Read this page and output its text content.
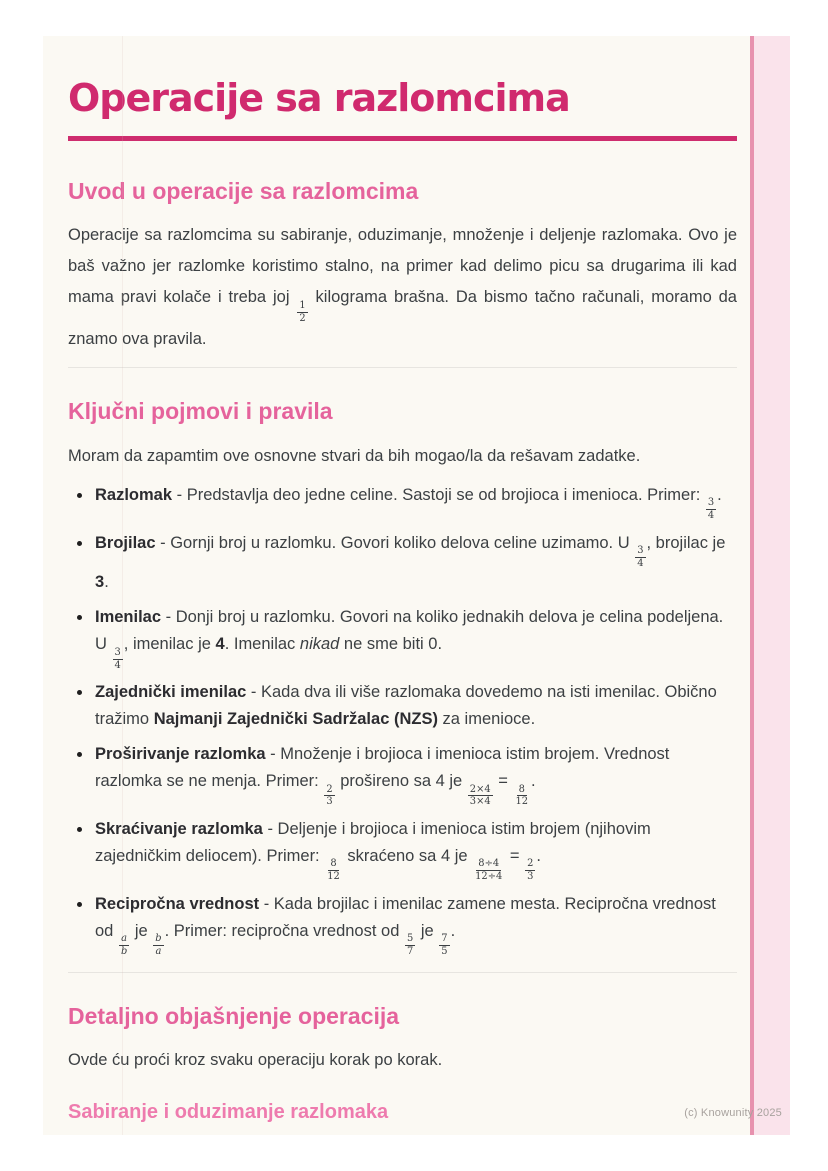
Operacije sa razlomcima
Uvod u operacije sa razlomcima

Operacije sa razlomcima su sabiranje, oduzimanje, množenje i deljenje razlomaka. Ovo je baš važno jer razlomke koristimo stalno, na primer kad delimo picu sa drugarima ili kad mama pravi kolače i treba joj
$\frac{1}{2}$
kilograma brašna. Da bismo tačno računali, moramo da znamo ova pravila.

Ključni pojmovi i pravila

Moram da zapamtim ove osnovne stvari da bih mogao/la da rešavam zadatke.

Razlomak - Predstavlja deo jedne celine. Sastoji se od brojioca i imenioca. Primer:
$\frac{3}{4}$
.
Brojilac - Gornji broj u razlomku. Govori koliko delova celine uzimamo. U
$\frac{3}{4}$
, brojilac je 3.
Imenilac - Donji broj u razlomku. Govori na koliko jednakih delova je celina podeljena. U
$\frac{3}{4}$
, imenilac je 4. Imenilac nikad ne sme biti 0.
Zajednički imenilac - Kada dva ili više razlomaka dovedemo na isti imenilac. Obično tražimo Najmanji Zajednički Sadržalac (NZS) za imenioce.
Proširivanje razlomka - Množenje i brojioca i imenioca istim brojem. Vrednost razlomka se ne menja. Primer:
$\frac{2}{3}$
prošireno sa 4 je
$\frac{2\times 4}{3\times 4}$
=
$\frac{8}{12}$
.
Skraćivanje razlomka - Deljenje i brojioca i imenioca istim brojem (njihovim zajedničkim deliocem). Primer:
$\frac{8}{12}$
skraćeno sa 4 je
$\frac{8\div 4}{12\div 4}$
=
$\frac{2}{3}$
.
Recipročna vrednost - Kada brojilac i imenilac zamene mesta. Recipročna vrednost od
$\frac{a}{b}$
je
$\frac{b}{a}$
. Primer: recipročna vrednost od
$\frac{5}{7}$
je
$\frac{7}{5}$
.
Detaljno objašnjenje operacija

Ovde ću proći kroz svaku operaciju korak po korak.

Sabiranje i oduzimanje razlomaka	(c) Knowunity 2025
